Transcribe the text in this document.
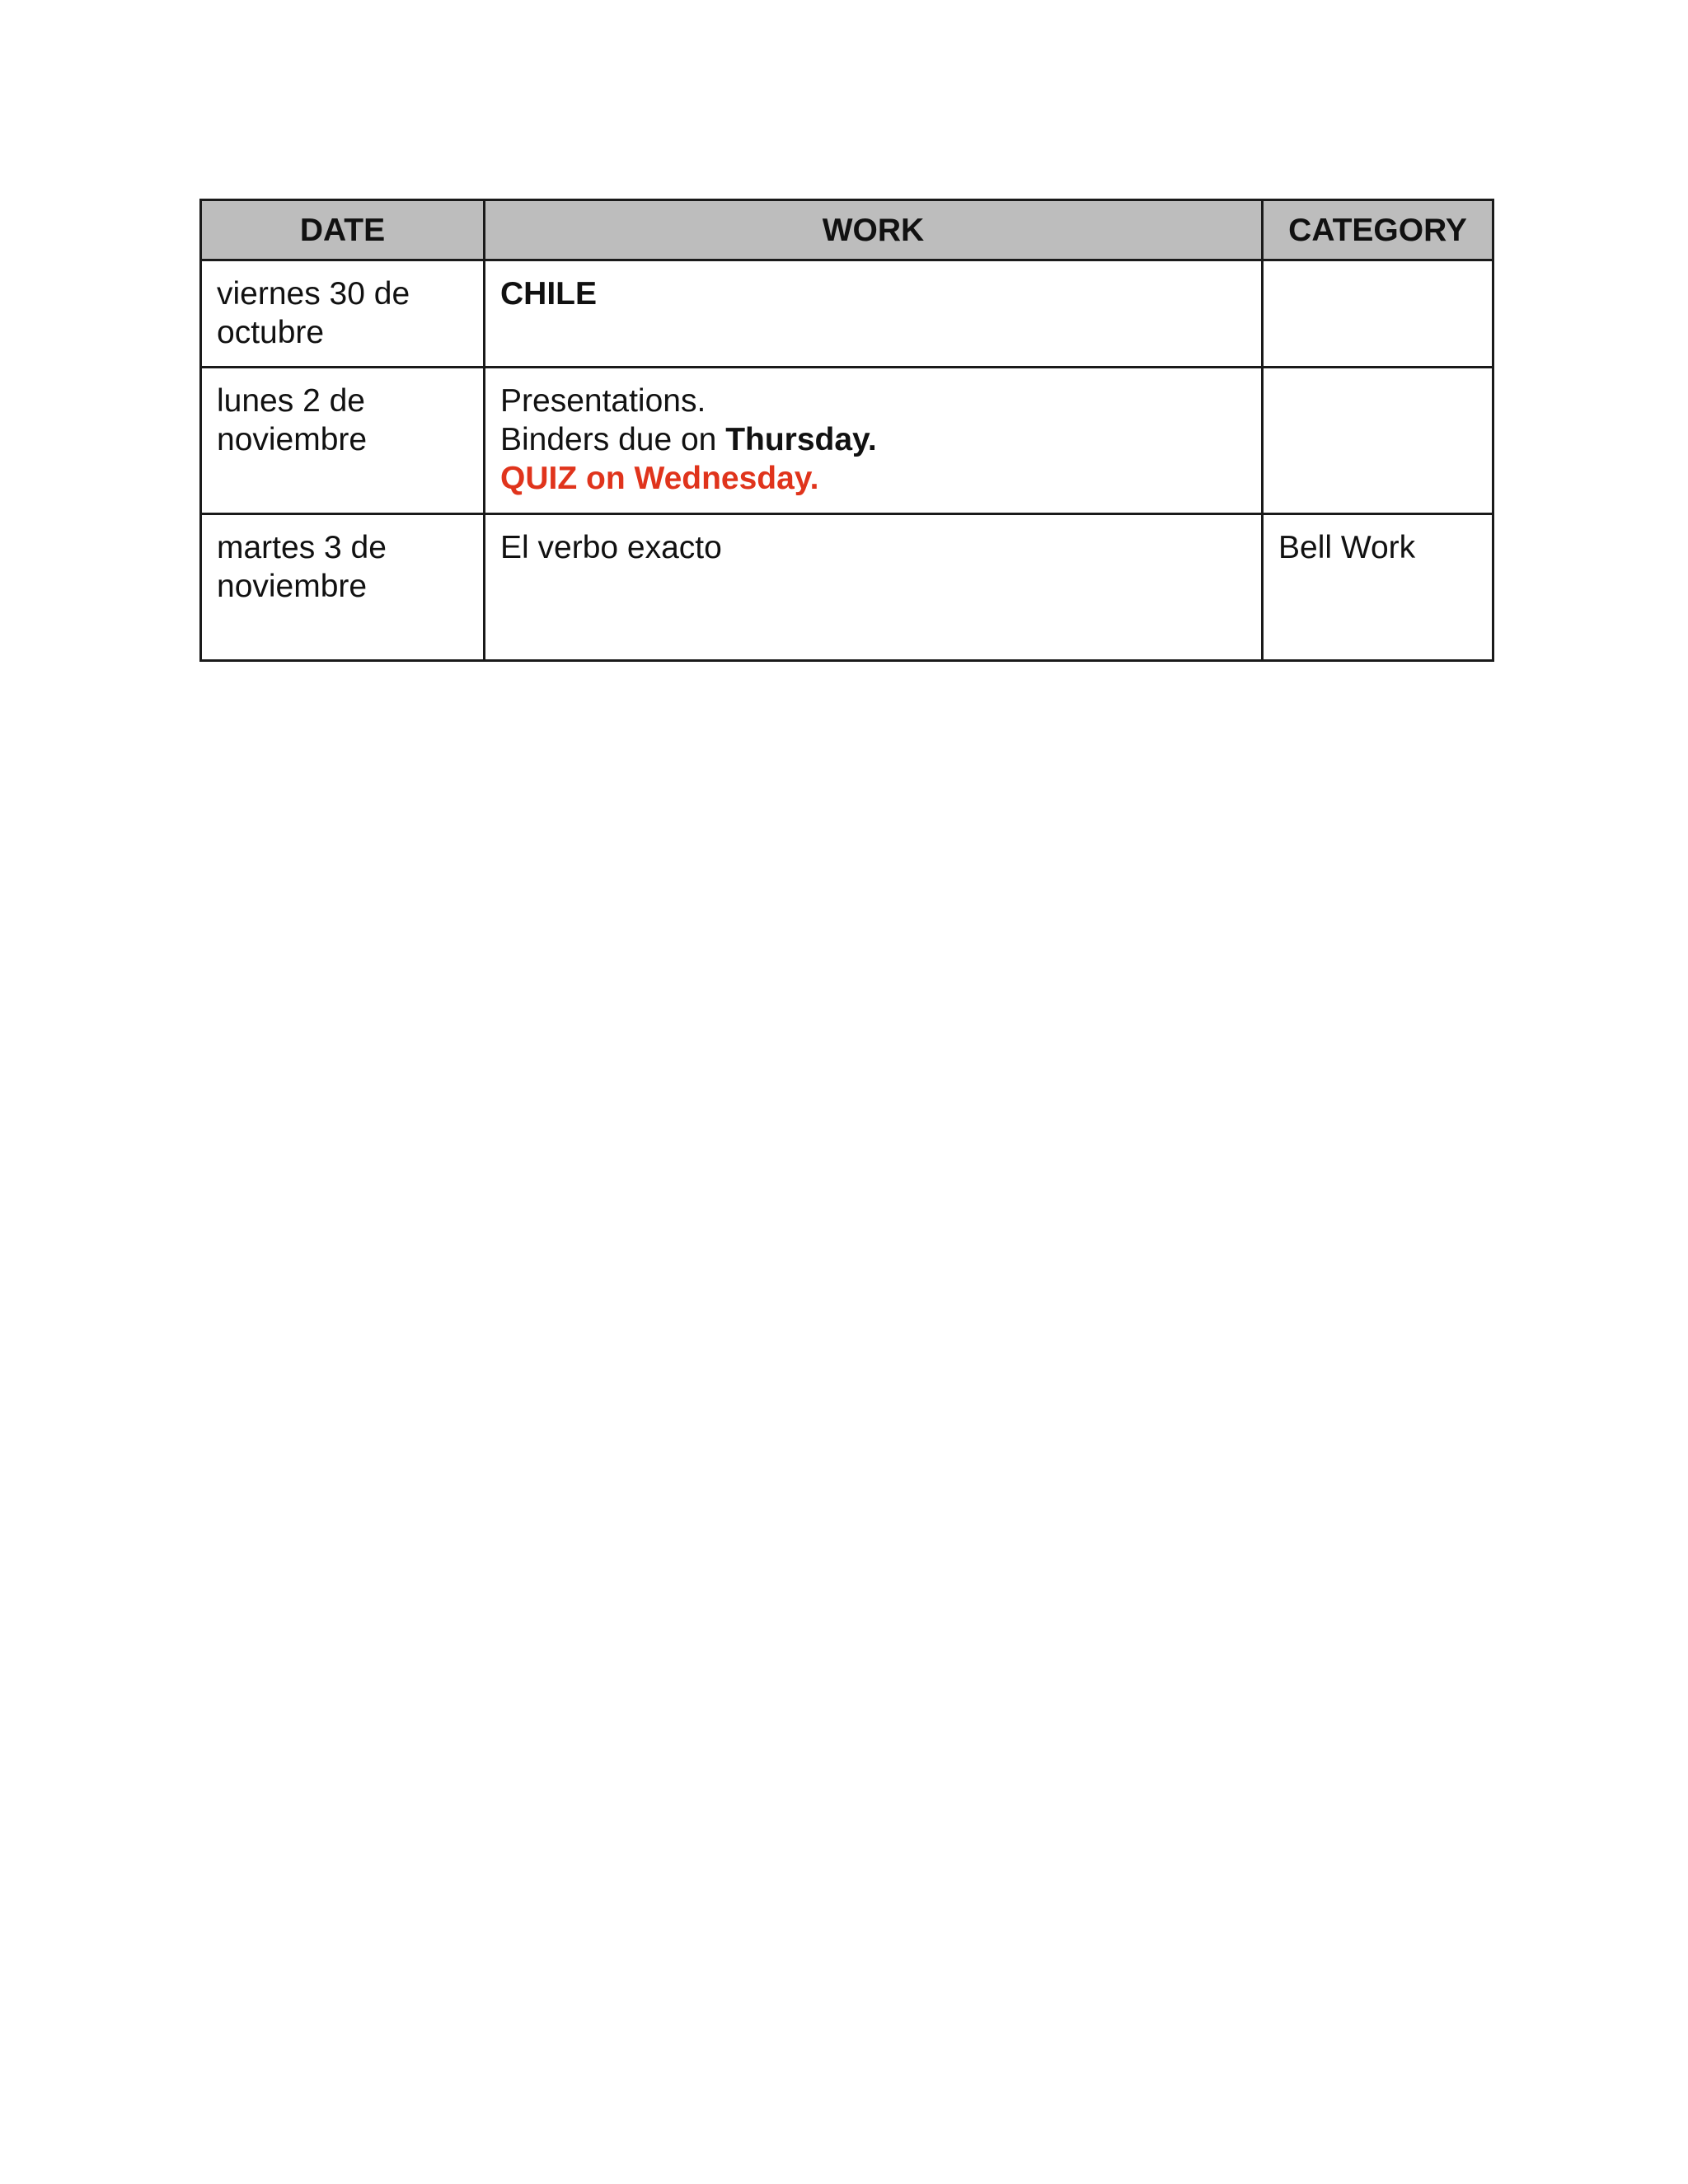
DATE	WORK	CATEGORY
viernes 30 de octubre	CHILE	

lunes 2 de noviembre	Presentations.
Binders due on Thursday.
QUIZ on Wednesday.	

martes 3 de noviembre	El verbo exacto	Bell Work
